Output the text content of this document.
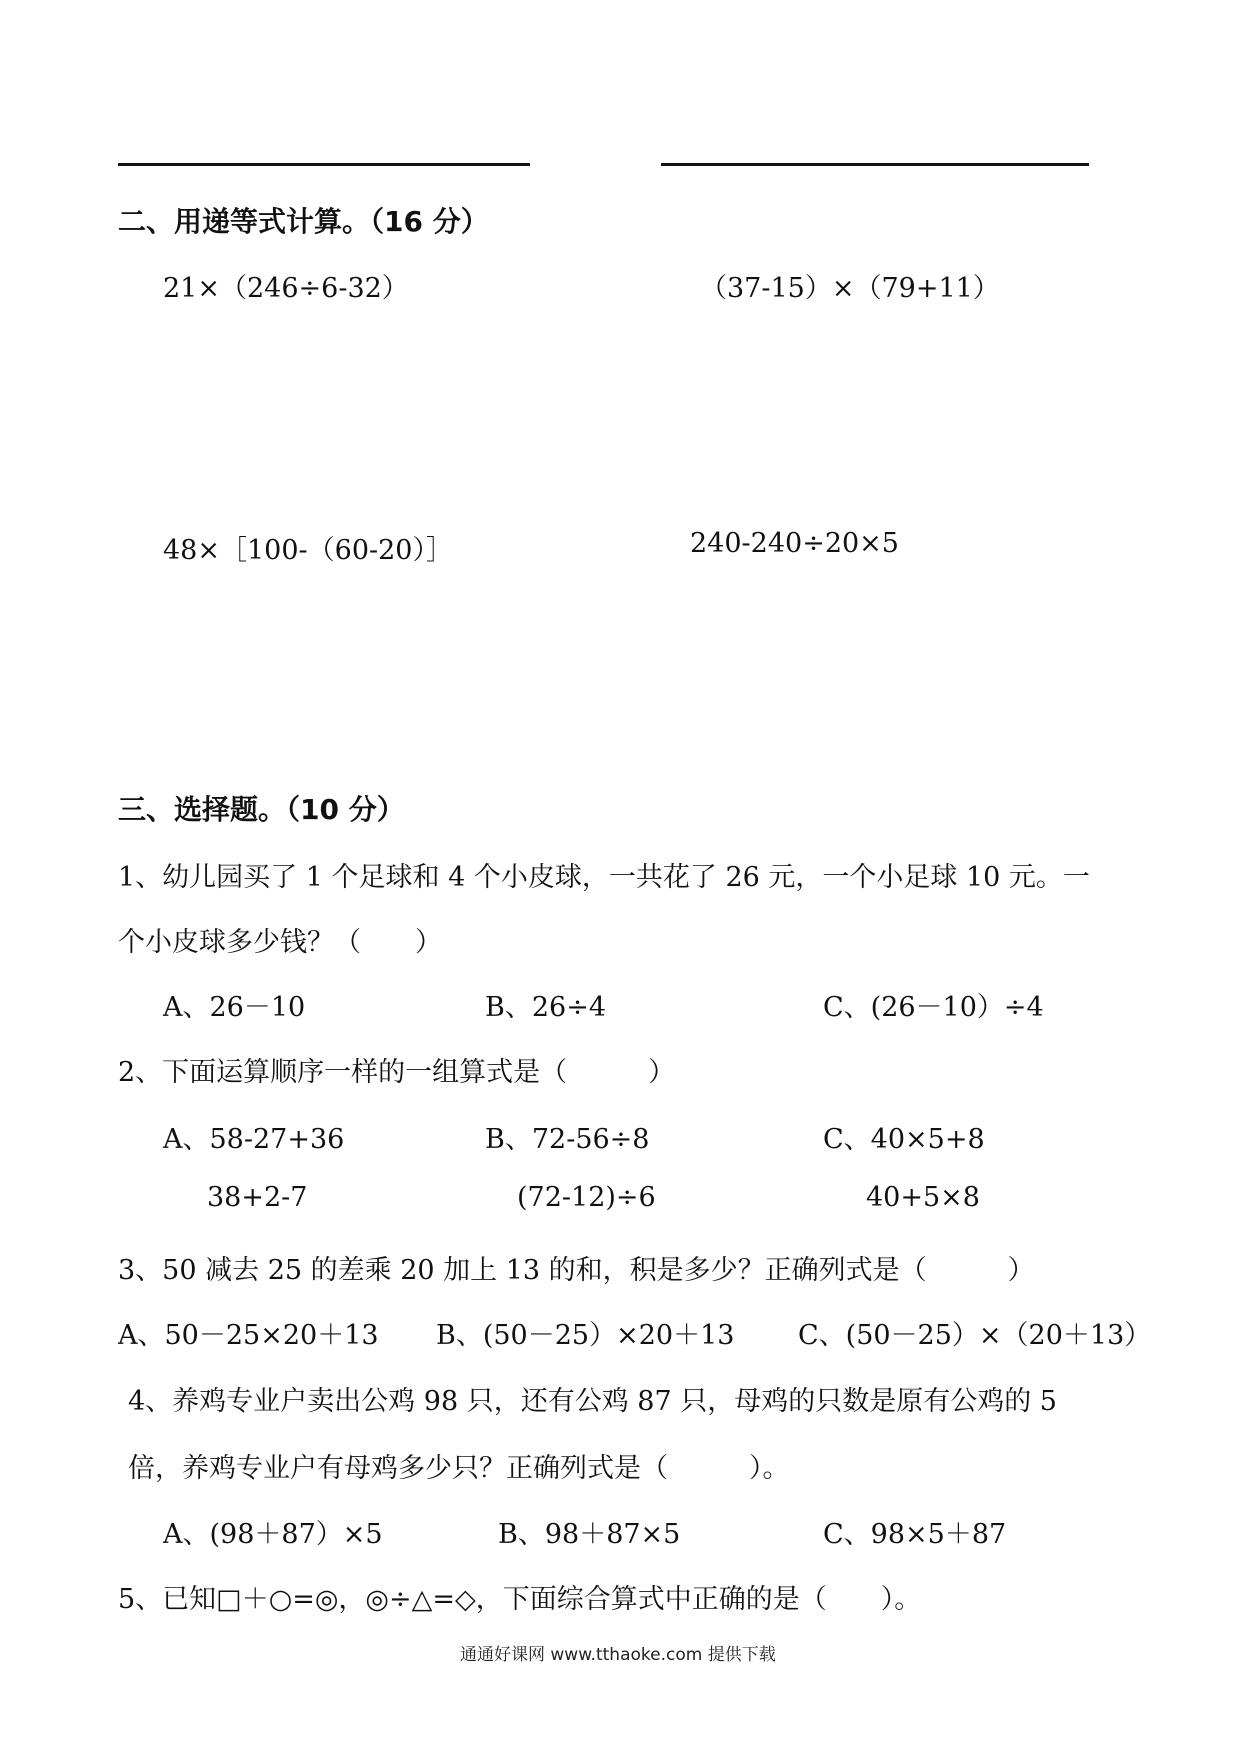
二、用递等式计算。（16 分）
21×（246÷6-32）	（37-15）×（79+11）
48×［100-（60-20）］	240-240÷20×5
三、选择题。（10 分）
1、幼儿园买了 1 个足球和 4 个小皮球，一共花了 26 元，一个小足球 10 元。一
个小皮球多少钱？（　　）
A、26－10	B、26÷4	C、(26－10）÷4
2、下面运算顺序一样的一组算式是（　　　）
A、58-27+36	B、72-56÷8	C、40×5+8
38+2-7	(72-12)÷6	40+5×8
3、50 减去 25 的差乘 20 加上 13 的和，积是多少？正确列式是（　　　）
A、50－25×20＋13 B、(50－25）×20＋13 C、(50－25）×（20＋13）
4、养鸡专业户卖出公鸡 98 只，还有公鸡 87 只，母鸡的只数是原有公鸡的 5
倍，养鸡专业户有母鸡多少只？正确列式是（　　　）。
A、(98＋87）×5	B、98＋87×5	C、98×5＋87
5、已知□＋○=◎，◎÷△=◇，下面综合算式中正确的是（　　）。
通通好课网 www.tthaoke.com 提供下载
